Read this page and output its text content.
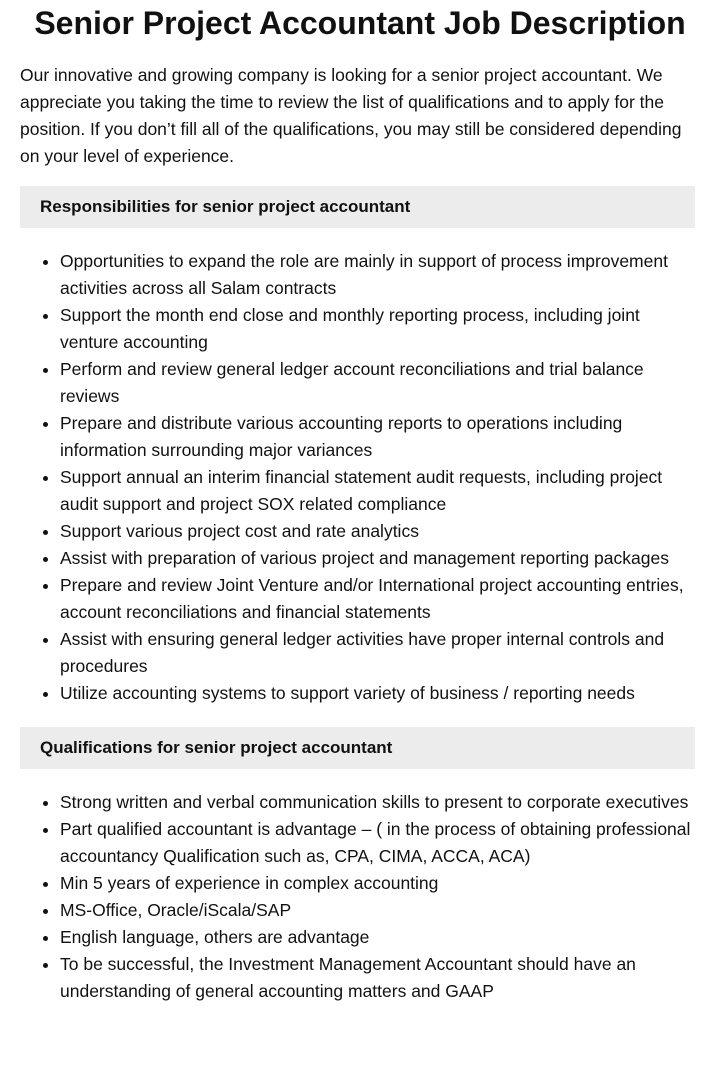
Senior Project Accountant Job Description

Our innovative and growing company is looking for a senior project accountant. We appreciate you taking the time to review the list of qualifications and to apply for the position. If you don’t fill all of the qualifications, you may still be considered depending on your level of experience.

Responsibilities for senior project accountant
• Opportunities to expand the role are mainly in support of process improvement activities across all Salam contracts
• Support the month end close and monthly reporting process, including joint venture accounting
• Perform and review general ledger account reconciliations and trial balance reviews
• Prepare and distribute various accounting reports to operations including information surrounding major variances
• Support annual an interim financial statement audit requests, including project audit support and project SOX related compliance
• Support various project cost and rate analytics
• Assist with preparation of various project and management reporting packages
• Prepare and review Joint Venture and/or International project accounting entries, account reconciliations and financial statements
• Assist with ensuring general ledger activities have proper internal controls and procedures
• Utilize accounting systems to support variety of business / reporting needs
Qualifications for senior project accountant
• Strong written and verbal communication skills to present to corporate executives
• Part qualified accountant is advantage – ( in the process of obtaining professional accountancy Qualification such as, CPA, CIMA, ACCA, ACA)
• Min 5 years of experience in complex accounting
• MS-Office, Oracle/iScala/SAP
• English language, others are advantage
• To be successful, the Investment Management Accountant should have an understanding of general accounting matters and GAAP
